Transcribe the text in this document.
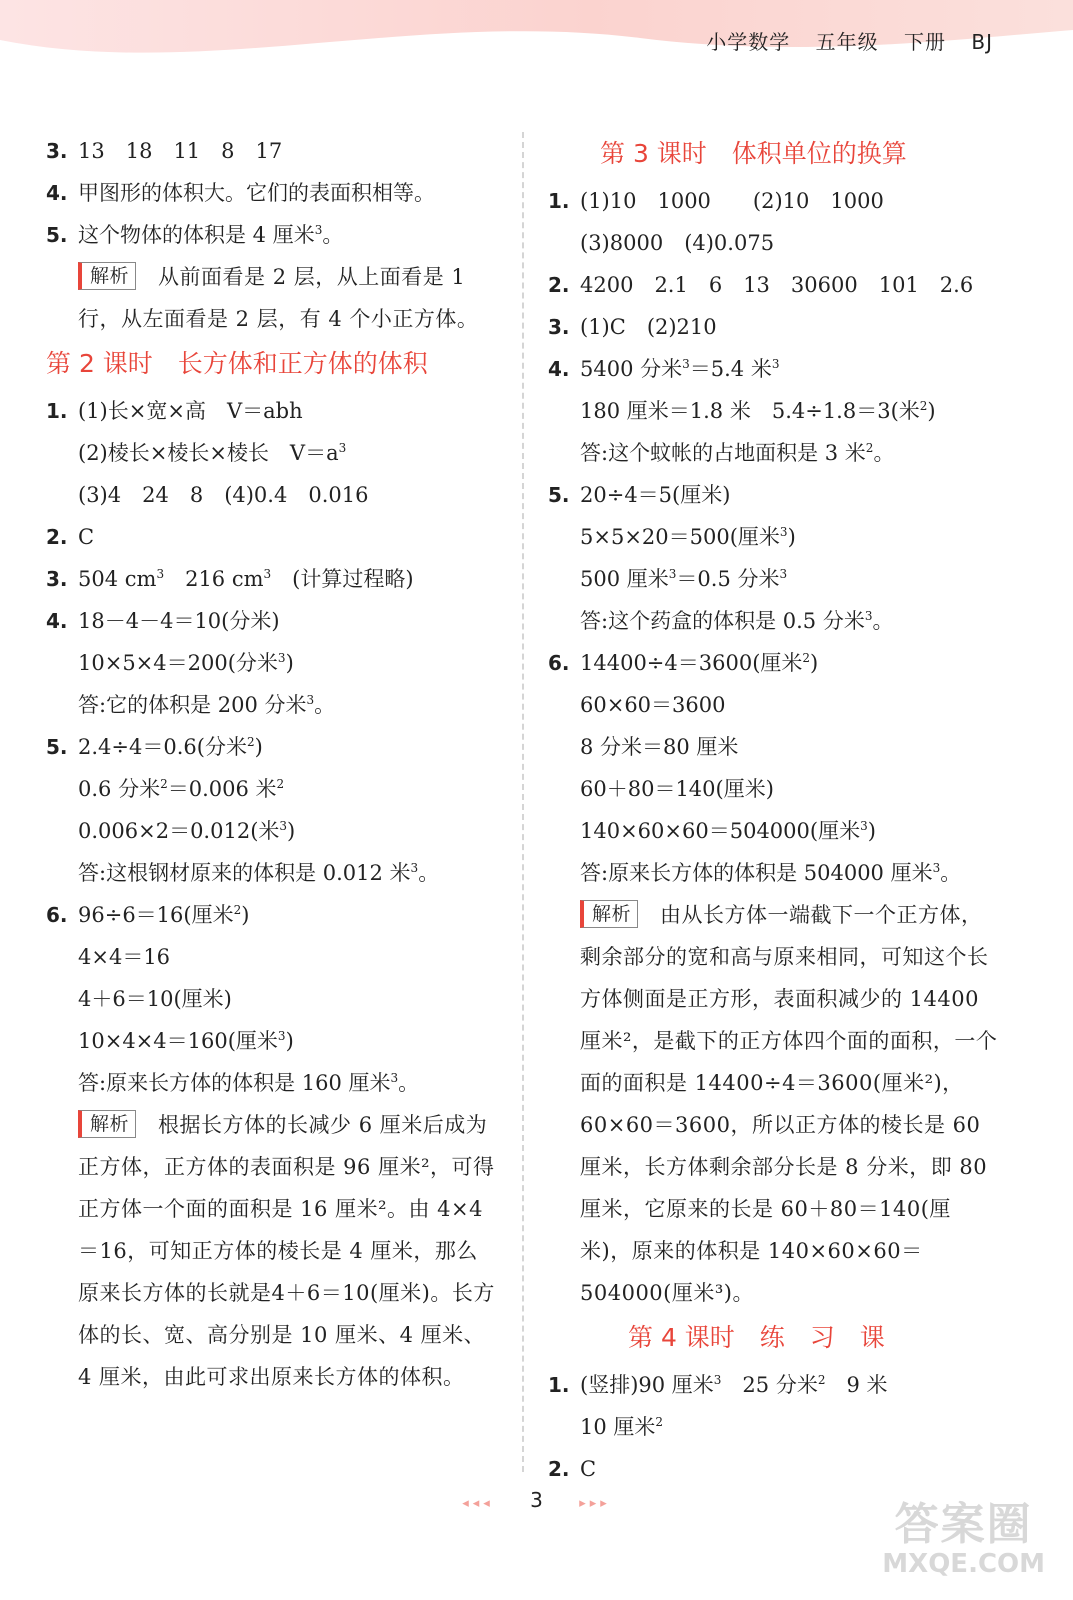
小学数学 五年级 下册 BJ
3. 13　18　11　8　17
4. 甲图形的体积大。它们的表面积相等。
5. 这个物体的体积是 4 厘米$^3$。
解析 从前面看是 2 层，从上面看是 1 行，从左面看是 2 层，有 4 个小正方体。
第 2 课时　长方体和正方体的体积
1. (1)长×宽×高　V＝abh
(2)棱长×棱长×棱长　$V=a^3$
(3)4　24　8　(4)0.4　0.016
2. C
3. 504 $cm^3$　216 $cm^3$　(计算过程略)
4. 18－4－4＝10(分米)
10×5×4＝200(分米$^3$)
答:它的体积是 200 分米$^3$。
5. 2.4÷4＝0.6(分米$^2$)
0.6 分米$^2$＝0.006 米$^2$
0.006×2＝0.012(米$^3$)
答:这根钢材原来的体积是 0.012 米$^3$。
6. 96÷6＝16(厘米$^2$)
4×4＝16
4＋6＝10(厘米)
10×4×4＝160(厘米$^3$)
答:原来长方体的体积是 160 厘米$^3$。
解析 根据长方体的长减少 6 厘米后成为正方体，正方体的表面积是 96 厘米²，可得正方体一个面的面积是 16 厘米²。由 4×4＝16，可知正方体的棱长是 4 厘米，那么原来长方体的长就是4＋6＝10(厘米)。长方体的长、宽、高分别是 10 厘米、4 厘米、4 厘米，由此可求出原来长方体的体积。
第 3 课时　体积单位的换算
1. (1)10　1000　　(2)10　1000
(3)8000　(4)0.075
2. 4200　2.1　6　13　30600　101　2.6
3. (1)C　(2)210
4. 5400 分米$^3$＝5.4 米$^3$
180 厘米＝1.8 米　5.4÷1.8＝3(米$^2$)
答:这个蚊帐的占地面积是 3 米$^2$。
5. 20÷4＝5(厘米)
5×5×20＝500(厘米$^3$)
500 厘米$^3$＝0.5 分米$^3$
答:这个药盒的体积是 0.5 分米$^3$。
6. 14400÷4＝3600(厘米$^2$)
60×60＝3600
8 分米＝80 厘米
60＋80＝140(厘米)
140×60×60＝504000(厘米$^3$)
答:原来长方体的体积是 504000 厘米$^3$。
解析 由从长方体一端截下一个正方体，剩余部分的宽和高与原来相同，可知这个长方体侧面是正方形，表面积减少的 14400 厘米²，是截下的正方体四个面的面积，一个面的面积是 14400÷4＝3600(厘米²)，60×60＝3600，所以正方体的棱长是 60 厘米，长方体剩余部分长是 8 分米，即 80 厘米，它原来的长是 60＋80＝140(厘米)，原来的体积是 140×60×60＝504000(厘米³)。
第 4 课时　练　习　课
1. (竖排)90 厘米$^3$　25 分米$^2$　9 米
10 厘米$^2$
2. C
◂◂◂ 3	▸▸▸	答案圈
MXQE.COM
